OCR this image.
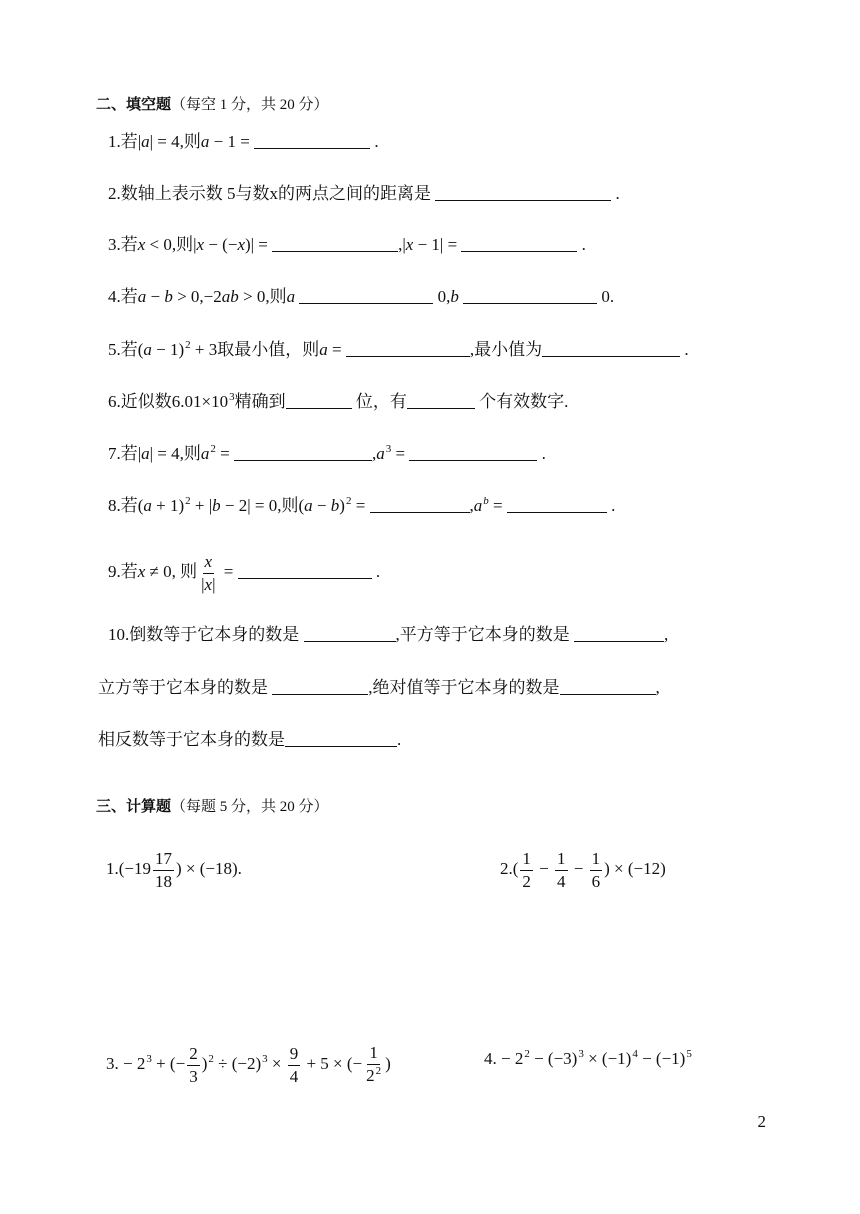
二、填空题（每空 1 分，共 20 分）
1.若|a| = 4,则a − 1 =	.
2.数轴上表示数 5与数x的两点之间的距离是	.
3.若x < 0,则|x − (−x)| =	,|x − 1| =	.
4.若a − b > 0,−2ab > 0,则a	0,b	0.
5.若$(a - 1)^2 + 3$取最小值，则a =	,最小值为	.
6.近似数$6.01\times 10^3$精确到	位，有	个有效数字.
7.若|a| = 4,则$a^2$ =	$,a^3$ =	.
8.若$(a + 1)^2 + |b - 2| = 0$,则$(a - b)^2$ =	$,a^b$ =	.
9.若x ≠ 0, 则 $\frac{x}{|x|}$ =	.
10.倒数等于它本身的数是	,平方等于它本身的数是	,
立方等于它本身的数是	,绝对值等于它本身的数是	,
相反数等于它本身的数是	.
三、计算题（每题 5 分，共 20 分）
$1.(-19 \frac{17}{18}$ ) × (−18).	$2.( \frac{1}{2} - \frac{1}{4} - \frac{1}{6}$ ) × (−12)
3. − $2^3$ + (− $\frac{2}{3} )^2 \div (-2)^3 \times \frac{9}{4} + 5$ × (− $\frac{1}{2^2}$ )	4. − $2^2 - (-3)^3 \times (-1)^4 - (-1)^5$
2
